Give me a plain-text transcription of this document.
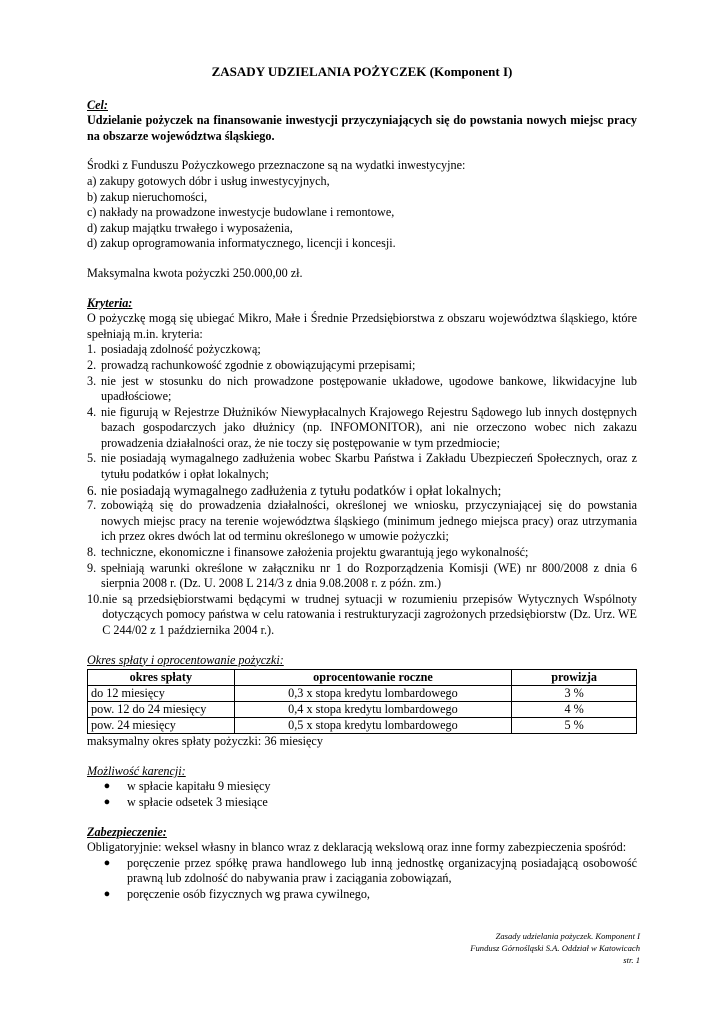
ZASADY UDZIELANIA POŻYCZEK (Komponent I)

Cel:

Udzielanie pożyczek na finansowanie inwestycji przyczyniających się do powstania nowych miejsc pracy na obszarze województwa śląskiego.

Środki z Funduszu Pożyczkowego przeznaczone są na wydatki inwestycyjne:

a) zakupy gotowych dóbr i usług inwestycyjnych,

b) zakup nieruchomości,

c) nakłady na prowadzone inwestycje budowlane i remontowe,

d) zakup majątku trwałego i wyposażenia,

d) zakup oprogramowania informatycznego, licencji i koncesji.

Maksymalna kwota pożyczki 250.000,00 zł.

Kryteria:

O pożyczkę mogą się ubiegać Mikro, Małe i Średnie Przedsiębiorstwa z obszaru województwa śląskiego, które spełniają m.in. kryteria:

1. posiadają zdolność pożyczkową;
2. prowadzą rachunkowość zgodnie z obowiązującymi przepisami;
3. nie jest w stosunku do nich prowadzone postępowanie układowe, ugodowe bankowe, likwidacyjne lub upadłościowe;
4. nie figurują w Rejestrze Dłużników Niewypłacalnych Krajowego Rejestru Sądowego lub innych dostępnych bazach gospodarczych jako dłużnicy (np. INFOMONITOR), ani nie orzeczono wobec nich zakazu prowadzenia działalności oraz, że nie toczy się postępowanie w tym przedmiocie;
5. nie posiadają wymagalnego zadłużenia wobec Skarbu Państwa i Zakładu Ubezpieczeń Społecznych, oraz z tytułu podatków i opłat lokalnych;
6. nie posiadają wymagalnego zadłużenia z tytułu podatków i opłat lokalnych;
7. zobowiążą się do prowadzenia działalności, określonej we wniosku, przyczyniającej się do powstania nowych miejsc pracy na terenie województwa śląskiego (minimum jednego miejsca pracy) oraz utrzymania ich przez okres dwóch lat od terminu określonego w umowie pożyczki;
8. techniczne, ekonomiczne i finansowe założenia projektu gwarantują jego wykonalność;
9. spełniają warunki określone w załączniku nr 1 do Rozporządzenia Komisji (WE) nr 800/2008 z dnia 6 sierpnia 2008 r. (Dz. U. 2008 L 214/3 z dnia 9.08.2008 r. z późn. zm.)
10. nie są przedsiębiorstwami będącymi w trudnej sytuacji w rozumieniu przepisów Wytycznych Wspólnoty dotyczących pomocy państwa w celu ratowania i restrukturyzacji zagrożonych przedsiębiorstw (Dz. Urz. WE C 244/02 z 1 października 2004 r.).

Okres spłaty i oprocentowanie pożyczki:

okres spłaty	oprocentowanie roczne	prowizja
do 12 miesięcy	0,3 x stopa kredytu lombardowego	3 %
pow. 12 do 24 miesięcy	0,4 x stopa kredytu lombardowego	4 %
pow. 24 miesięcy	0,5 x stopa kredytu lombardowego	5 %

maksymalny okres spłaty pożyczki: 36 miesięcy

Możliwość karencji:

●	w spłacie kapitału 9 miesięcy
●	w spłacie odsetek 3 miesiące

Zabezpieczenie:

Obligatoryjnie: weksel własny in blanco wraz z deklaracją wekslową oraz inne formy zabezpieczenia spośród:

●	poręczenie przez spółkę prawa handlowego lub inną jednostkę organizacyjną posiadającą osobowość prawną lub zdolność do nabywania praw i zaciągania zobowiązań,
●	poręczenie osób fizycznych wg prawa cywilnego,
Zasady udzielania pożyczek. Komponent I
Fundusz Górnośląski S.A. Oddział w Katowicach
str. 1
